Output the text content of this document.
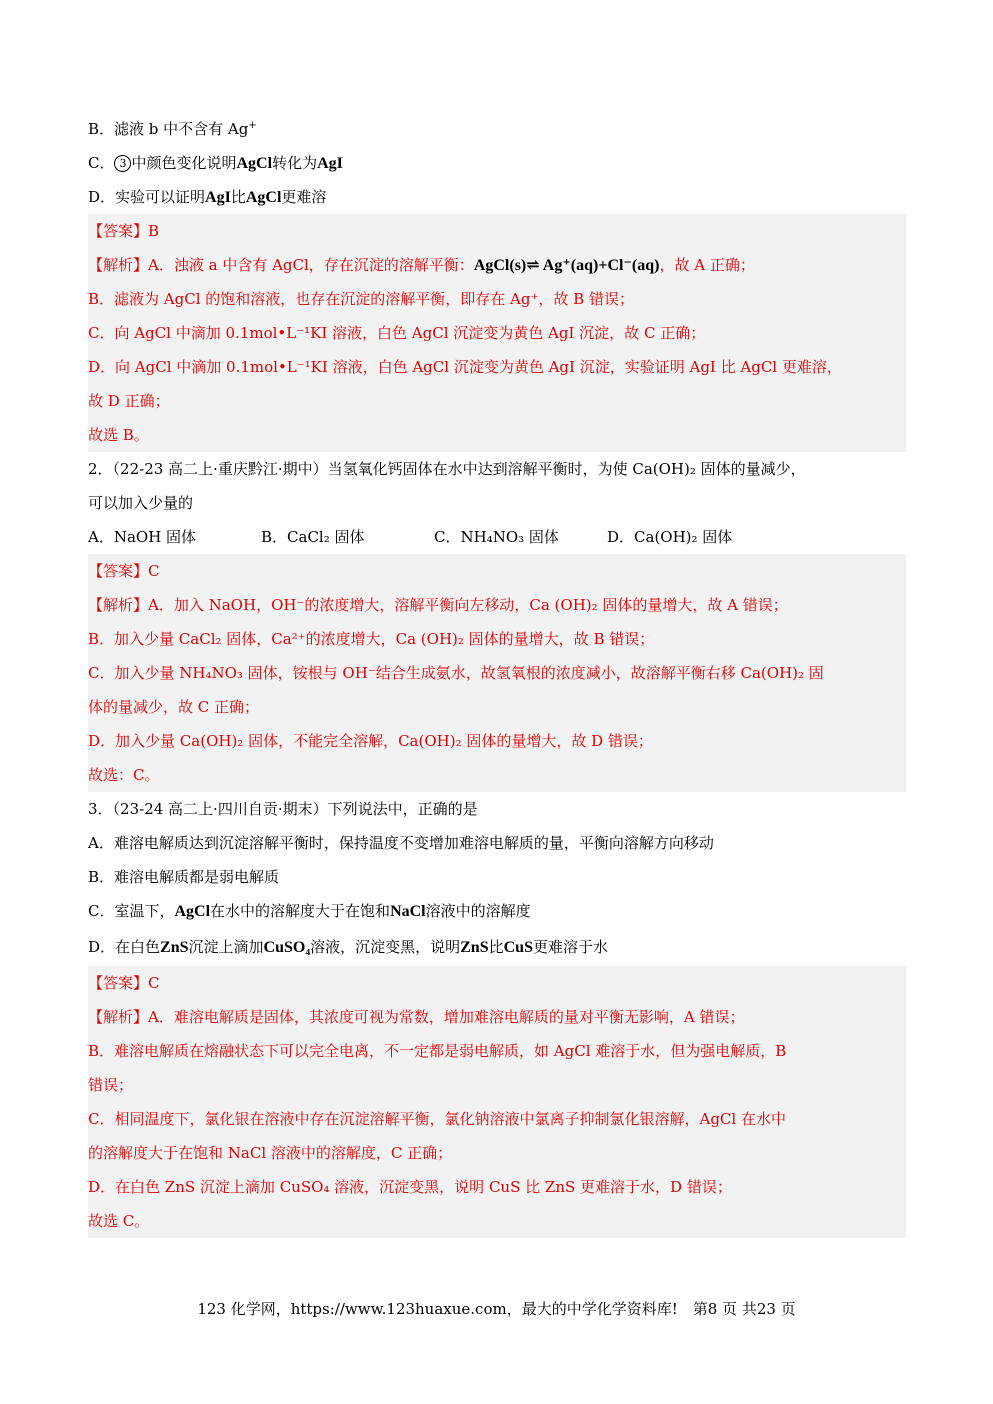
B．滤液 b 中不含有 Ag+
C． 3 中颜色变化说明AgCl转化为AgI
D．实验可以证明AgI比AgCl更难溶
【答案】B
【解析】A．浊液 a 中含有 AgCl，存在沉淀的溶解平衡：AgCl(s)⇌ Ag⁺(aq)+Cl⁻(aq)，故 A 正确；
B．滤液为 AgCl 的饱和溶液，也存在沉淀的溶解平衡，即存在 Ag⁺，故 B 错误；
C．向 AgCl 中滴加 0.1mol•L⁻¹KI 溶液，白色 AgCl 沉淀变为黄色 AgI 沉淀，故 C 正确；
D．向 AgCl 中滴加 0.1mol•L⁻¹KI 溶液，白色 AgCl 沉淀变为黄色 AgI 沉淀，实验证明 AgI 比 AgCl 更难溶，
故 D 正确；
故选 B。
2．（22-23 高二上·重庆黔江·期中）当氢氧化钙固体在水中达到溶解平衡时，为使 Ca(OH)₂ 固体的量减少，
可以加入少量的
A．NaOH 固体	B．CaCl₂ 固体	C．NH₄NO₃ 固体	D．Ca(OH)₂ 固体
【答案】C
【解析】A．加入 NaOH，OH⁻的浓度增大，溶解平衡向左移动，Ca (OH)₂ 固体的量增大，故 A 错误；
B．加入少量 CaCl₂ 固体，Ca²⁺的浓度增大，Ca (OH)₂ 固体的量增大，故 B 错误；
C．加入少量 NH₄NO₃ 固体，铵根与 OH⁻结合生成氨水，故氢氧根的浓度减小，故溶解平衡右移 Ca(OH)₂ 固
体的量减少，故 C 正确；
D．加入少量 Ca(OH)₂ 固体，不能完全溶解，Ca(OH)₂ 固体的量增大，故 D 错误；
故选：C。
3．（23-24 高二上·四川自贡·期末）下列说法中，正确的是
A．难溶电解质达到沉淀溶解平衡时，保持温度不变增加难溶电解质的量，平衡向溶解方向移动
B．难溶电解质都是弱电解质
C．室温下，AgCl在水中的溶解度大于在饱和NaCl溶液中的溶解度
D．在白色ZnS沉淀上滴加CuSO₄溶液，沉淀变黑，说明ZnS比CuS更难溶于水
【答案】C
【解析】A．难溶电解质是固体，其浓度可视为常数，增加难溶电解质的量对平衡无影响，A 错误；
B．难溶电解质在熔融状态下可以完全电离，不一定都是弱电解质，如 AgCl 难溶于水，但为强电解质，B
错误；
C．相同温度下，氯化银在溶液中存在沉淀溶解平衡，氯化钠溶液中氯离子抑制氯化银溶解，AgCl 在水中
的溶解度大于在饱和 NaCl 溶液中的溶解度，C 正确；
D．在白色 ZnS 沉淀上滴加 CuSO₄ 溶液，沉淀变黑，说明 CuS 比 ZnS 更难溶于水，D 错误；
故选 C。
123 化学网，https://www.123huaxue.com，最大的中学化学资料库!　第8 页 共23 页
